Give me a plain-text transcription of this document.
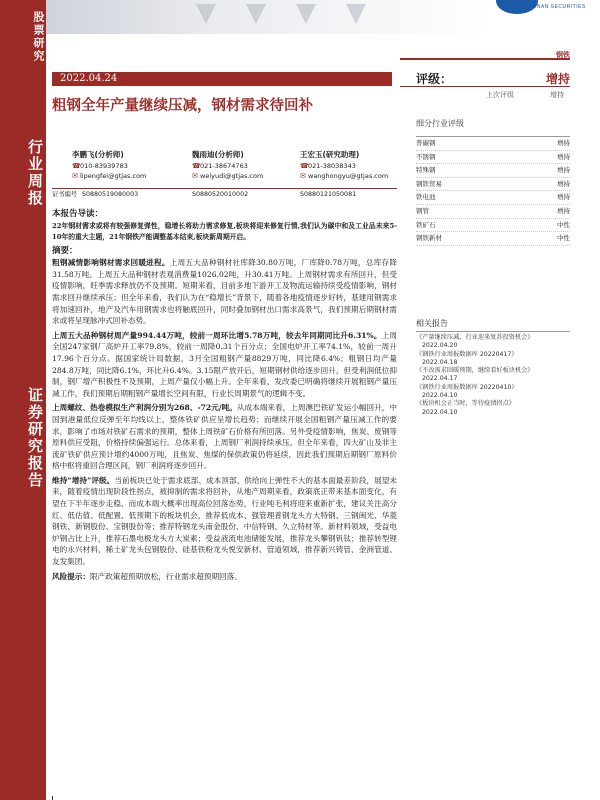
股票研究
行业周报
证券研究报告
GUOTAI JUNAN SECURITIES
钢铁
2022.04.24
粗钢全年产量继续压减，钢材需求待回补
评级：	增持
上次评级	增持
细分行业评级
普碳钢	增持
不锈钢	增持
特殊钢	增持
钢铁贸易	增持
铁电池	增持
钢管	增持
铁矿石	中性
钢铁新材	中性
相关报告
《产量继续压减，行业迎来复苏投资机会》
2022.04.20
《钢铁行业周报数据库 20220417》
2022.04.18
《不改需求回暖预期，继续看好板块机会》
2022.04.17
《钢铁行业周报数据库 20220410》
2022.04.10
《板块机会正当时，等待疫情拐点》
2022.04.10
李鹏飞(分析师)
☎010-83939783
✉ lipengfei@gtjas.com
魏雨迪(分析师)
☎021-38674763
✉ weiyudi@gtjas.com
王宏玉(研究助理)
☎021-38038343
✉ wanghongyu@gtjas.com
证书编号 S0880519080003	S0880520010002	S0880121050081
本报告导读：

22年钢材需求或将有较强修复弹性，稳增长将助力需求修复,板块将迎来修复行情,我们认为碳中和及工业品未来5-10年的重大主题，21年钢铁产能调整基本结束,板块新周期开启。

摘要：

粗钢减情影响钢材需求回暖进程。上周五大品种钢材社库降30.80万吨，厂库降0.78万吨，总库存降31.58万吨。上周五大品种钢材表观消费量1026.02吨，升30.41万吨。上周钢材需求有所回升，但受疫情影响，旺季需求释放仍不及预期。短期来看，目前多地下游开工及物流运输持续受疫情影响，钢材需求回升继续承压；但全年来看，我们认为在“稳增长”背景下，随着各地疫情逐步好转，基建用钢需求将加速回补，地产及汽车用钢需求也将触底回升，同时叠加钢材出口需求高景气，我们预期后期钢材需求或将呈现脉冲式回补态势。

上周五大品种钢材周产量994.44万吨，较前一周环比增5.78万吨，较去年同期同比升6.31%。上周全国247家钢厂高炉开工率79.8%，较前一周降0.31个百分点；全国电炉开工率74.1%，较前一周升17.96个百分点。据国家统计局数据，3月全国粗钢产量8829万吨，同比降6.4%；粗钢日均产量284.8万吨，同比降6.1%，环比升6.4%。3.15限产放开后，短期钢材供给逐步回升，但受利润低位抑制，钢厂增产积极性不及预期，上周产量仅小幅上升。全年来看，发改委已明确将继续开展粗钢产量压减工作，我们预期后期粗钢产量增长空间有限，行业长周期景气的逻辑不变。

上周螺纹、热卷模拟生产利润分别为268、-72元/吨。从成本端来看，上周澳巴铁矿发运小幅回升，中国到港量低位反弹至年均线以上，整体铁矿供应呈增长趋势；而继续开展全国粗钢产量压减工作的要求，影响了市场对铁矿石需求的预期，整体上周铁矿石价格有所回落。另外受疫情影响，焦炭、废钢等原料供应受阻，价格持续偏强运行。总体来看，上周钢厂利润持续承压。但全年来看，四大矿山及非主流矿铁矿供应预计增约4000万吨，且焦炭、焦煤的保供政策仍将延续，因此我们预期后期钢厂原料价格中枢将重回合理区间，钢厂利润将逐步回升。

维持“增持”评级。当前板块已处于需求底部、成本顶部、供给向上弹性不大的基本面最差阶段，展望未来，随着疫情出现阶段性拐点，被抑制的需求将回补，从地产周期来看，政策底正带来基本面变化，有望在下半年逐步走稳，而成本端大概率出现高位回落态势，行业吨毛利将迎来重新扩张，建议关注高分红、低估值、低配置、低预期下的板块机会，推荐低成本、强管理普钢龙头方大特钢、三钢闽光、华菱钢铁、新钢股份、宝钢股份等；推荐特钢龙头南金股份、中信特钢、久立特材等。新材料领域，受益电炉钢占比上升，推荐石墨电极龙头方大炭素；受益液流电池储能发展，推荐龙头攀钢钒钛；推荐转型锂电的永兴材料，稀土矿龙头包钢股份、硅基铁粉龙头悦安新材、管道领域，推荐新兴铸管、金洲管道、友发集团。

风险提示：限产政策超预期放松，行业需求超预期回落。
